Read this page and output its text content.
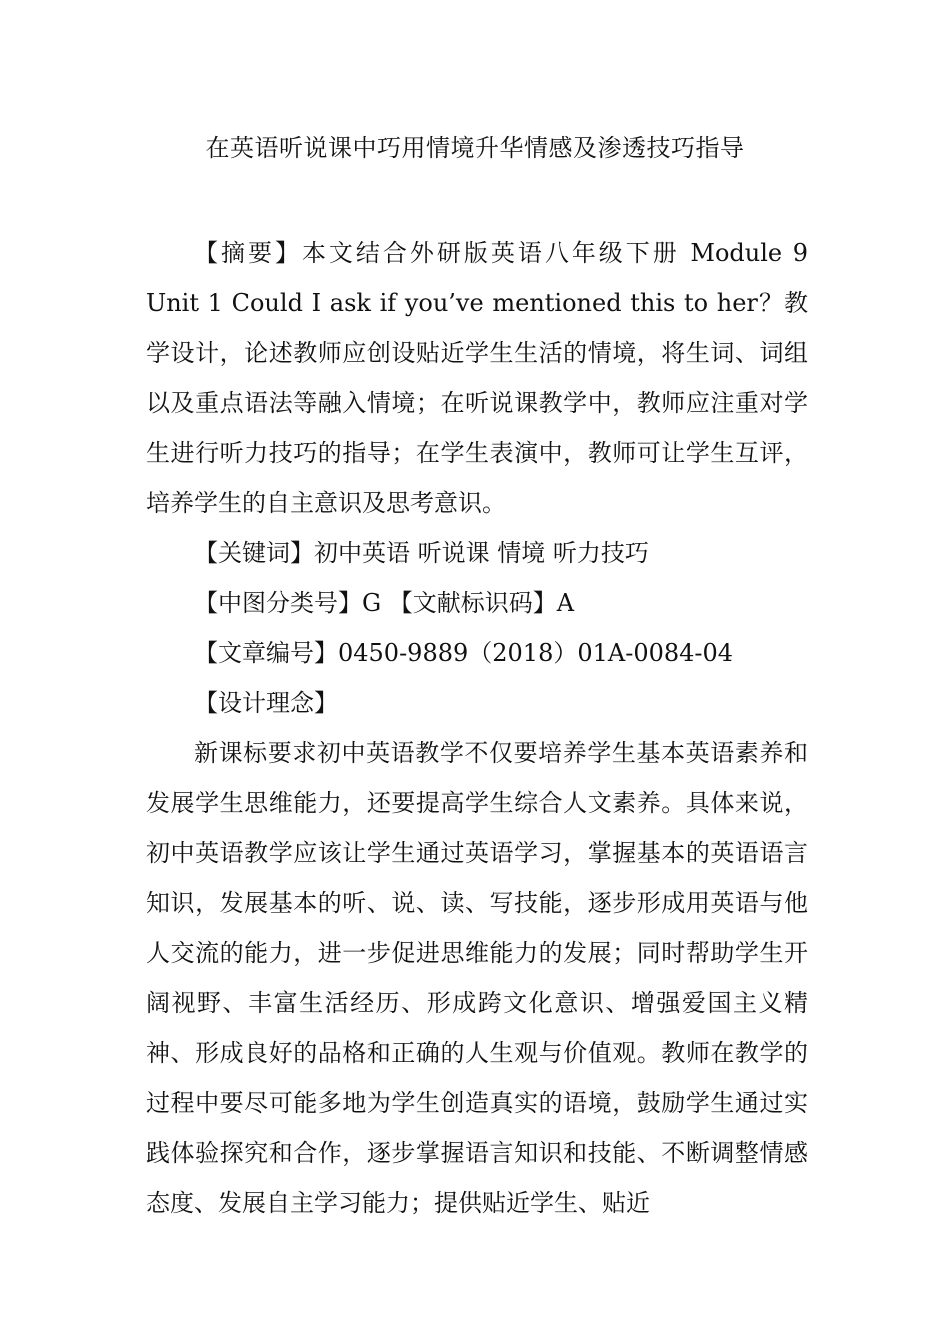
在英语听说课中巧用情境升华情感及渗透技巧指导

【摘要】本文结合外研版英语八年级下册 Module 9 Unit 1 Could I ask if you’ve mentioned this to her？教学设计，论述教师应创设贴近学生生活的情境，将生词、词组以及重点语法等融入情境；在听说课教学中，教师应注重对学生进行听力技巧的指导；在学生表演中，教师可让学生互评，培养学生的自主意识及思考意识。

【关键词】初中英语 听说课 情境 听力技巧

【中图分类号】G 【文献标识码】A

【文章编号】0450-9889（2018）01A-0084-04

【设计理念】

新课标要求初中英语教学不仅要培养学生基本英语素养和发展学生思维能力，还要提高学生综合人文素养。具体来说，初中英语教学应该让学生通过英语学习，掌握基本的英语语言知识，发展基本的听、说、读、写技能，逐步形成用英语与他人交流的能力，进一步促进思维能力的发展；同时帮助学生开阔视野、丰富生活经历、形成跨文化意识、增强爱国主义精神、形成良好的品格和正确的人生观与价值观。教师在教学的过程中要尽可能多地为学生创造真实的语境，鼓励学生通过实践体验探究和合作，逐步掌握语言知识和技能、不断调整情感态度、发展自主学习能力；提供贴近学生、贴近
